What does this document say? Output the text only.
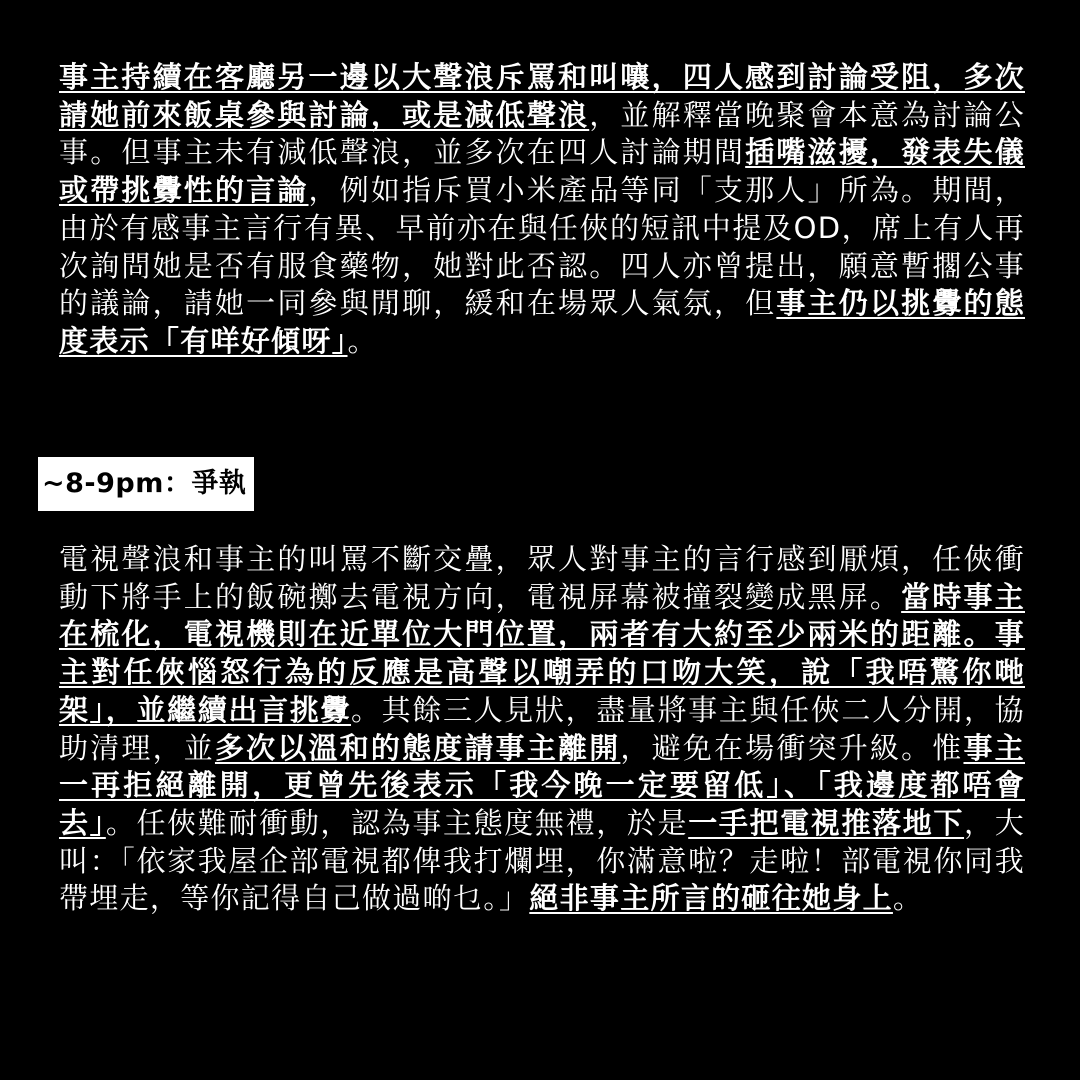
事主持續在客廳另一邊以大聲浪斥罵和叫嚷，四人感到討論受阻，多次請她前來飯桌參與討論，或是減低聲浪，並解釋當晚聚會本意為討論公事。但事主未有減低聲浪，並多次在四人討論期間插嘴滋擾，發表失儀或帶挑釁性的言論，例如指斥買小米產品等同「支那人」所為。期間，由於有感事主言行有異、早前亦在與任俠的短訊中提及OD，席上有人再次詢問她是否有服食藥物，她對此否認。四人亦曾提出，願意暫擱公事的議論，請她一同參與閒聊，緩和在場眾人氣氛，但事主仍以挑釁的態度表示「有咩好傾呀」。

~8-9pm：爭執

電視聲浪和事主的叫罵不斷交疊，眾人對事主的言行感到厭煩，任俠衝動下將手上的飯碗擲去電視方向，電視屏幕被撞裂變成黑屏。當時事主在梳化，電視機則在近單位大門位置，兩者有大約至少兩米的距離。事主對任俠惱怒行為的反應是高聲以嘲弄的口吻大笑，說「我唔驚你哋架」，並繼續出言挑釁。其餘三人見狀，盡量將事主與任俠二人分開，協助清理，並多次以溫和的態度請事主離開，避免在場衝突升級。惟事主一再拒絕離開，更曾先後表示「我今晚一定要留低」、「我邊度都唔會去」。任俠難耐衝動，認為事主態度無禮，於是一手把電視推落地下，大叫：「依家我屋企部電視都俾我打爛埋，你滿意啦？走啦！部電視你同我帶埋走，等你記得自己做過啲乜。」絕非事主所言的砸往她身上。
